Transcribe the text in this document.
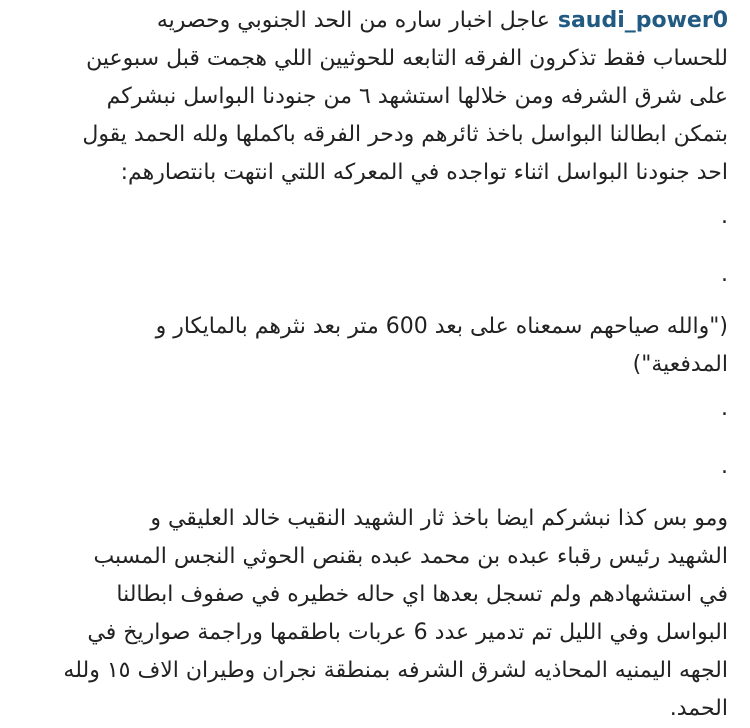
saudi_power0عاجل اخبار ساره من الحد الجنوبي وحصريه
للحساب فقط تذكرون الفرقه التابعه للحوثيين اللي هجمت قبل سبوعين
على شرق الشرفه ومن خلالها استشهد ٦ من جنودنا البواسل نبشركم
بتمكن ابطالنا البواسل باخذ ثائرهم ودحر الفرقه باكملها ولله الحمد يقول
احد جنودنا البواسل اثناء تواجده في المعركه اللتي انتهت بانتصارهم:
.
.
("والله صياحهم سمعناه على بعد 600 متر بعد نثرهم بالمايكار و
المدفعية")
.
.
ومو بس كذا نبشركم ايضا باخذ ثار الشهيد النقيب خالد العليقي و
الشهيد رئيس رقباء عبده بن محمد عبده بقنص الحوثي النجس المسبب
في استشهادهم ولم تسجل بعدها اي حاله خطيره في صفوف ابطالنا
البواسل وفي الليل تم تدمير عدد 6 عربات باطقمها وراجمة صواريخ في
الجهه اليمنيه المحاذيه لشرق الشرفه بمنطقة نجران وطيران الاف ١٥ ولله
الحمد.
